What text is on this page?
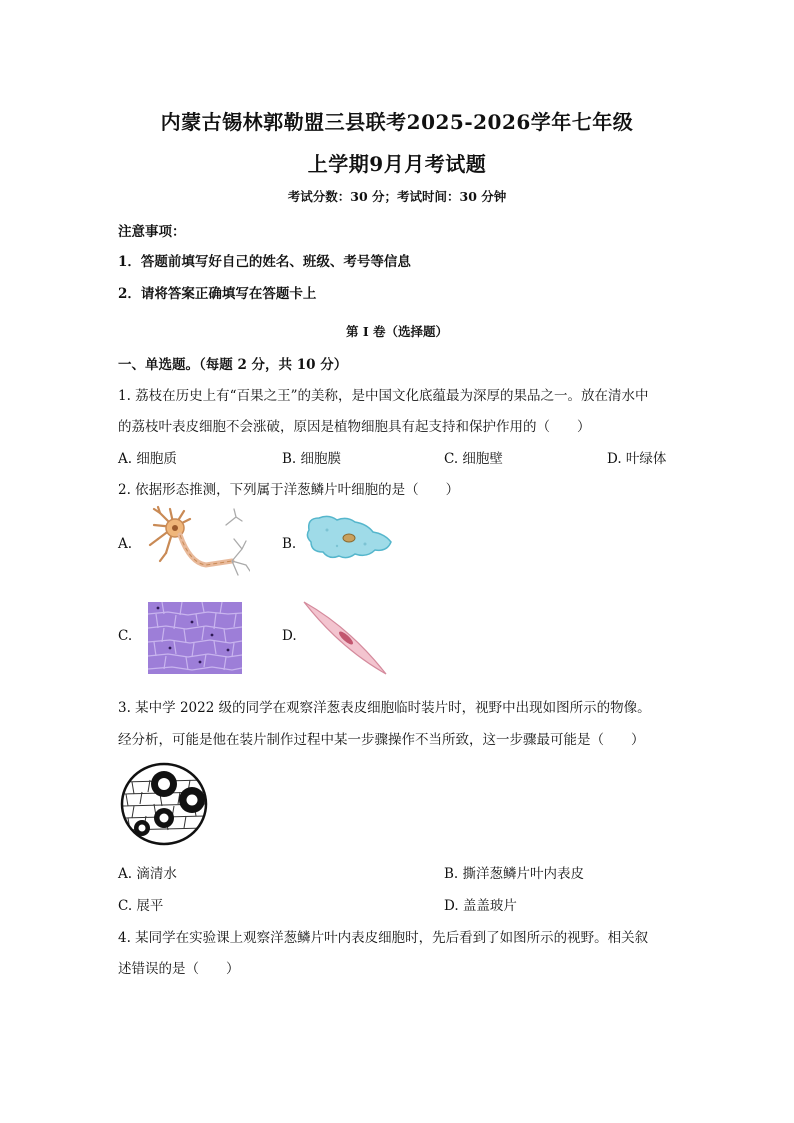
内蒙古锡林郭勒盟三县联考2025-2026学年七年级
上学期9月月考试题
考试分数：30 分；考试时间：30 分钟
注意事项：
1．答题前填写好自己的姓名、班级、考号等信息
2．请将答案正确填写在答题卡上
第 I 卷（选择题）
一、单选题。（每题 2 分，共 10 分）
1. 荔枝在历史上有“百果之王”的美称，是中国文化底蕴最为深厚的果品之一。放在清水中
的荔枝叶表皮细胞不会涨破，原因是植物细胞具有起支持和保护作用的（　　）
A. 细胞质	B. 细胞膜	C. 细胞壁	D. 叶绿体
2. 依据形态推测，下列属于洋葱鳞片叶细胞的是（　　）
A.	B.
C.	D.
3. 某中学 2022 级的同学在观察洋葱表皮细胞临时装片时，视野中出现如图所示的物像。
经分析，可能是他在装片制作过程中某一步骤操作不当所致，这一步骤最可能是（　　）
A. 滴清水	B. 撕洋葱鳞片叶内表皮
C. 展平	D. 盖盖玻片
4. 某同学在实验课上观察洋葱鳞片叶内表皮细胞时，先后看到了如图所示的视野。相关叙
述错误的是（　　）
